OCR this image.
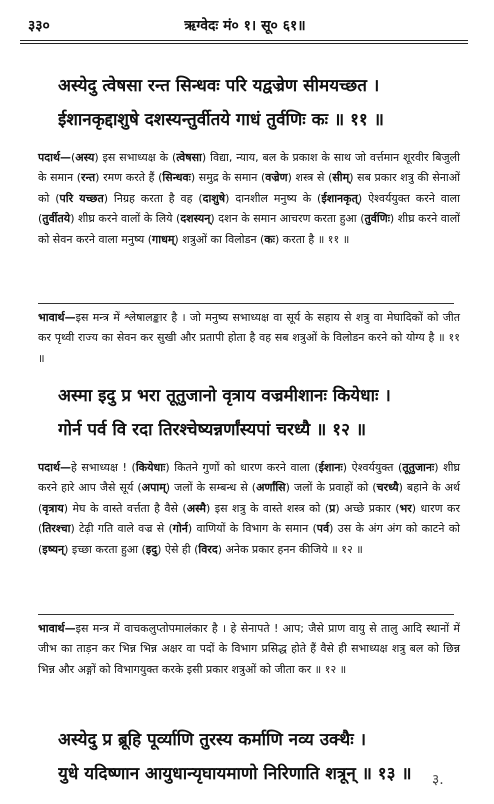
३३०	ऋग्वेदः मं० १। सू० ६१॥
अस्येदु त्वेषसा रन्त सिन्धवः परि यद्वज्रेण सीमयच्छत ।
ईशानकृद्दाशुषे दशस्यन्तुर्वीतये गाधं तुर्वणिः कः ॥ ११ ॥
पदार्थ—(अस्य) इस सभाध्यक्ष के (त्वेषसा) विद्या, न्याय, बल के प्रकाश के साथ जो वर्त्तमान शूरवीर बिजुली के समान (रन्त) रमण करते हैं (सिन्धवः) समुद्र के समान (वज्रेण) शस्त्र से (सीम्) सब प्रकार शत्रु की सेनाओं को (परि यच्छत) निग्रह करता है वह (दाशुषे) दानशील मनुष्य के (ईशानकृत्) ऐश्वर्ययुक्त करने वाला (तुर्वीतये) शीघ्र करने वालों के लिये (दशस्यन्) दशन के समान आचरण करता हुआ (तुर्वणिः) शीघ्र करने वालों को सेवन करने वाला मनुष्य (गाधम्) शत्रुओं का विलोडन (कः) करता है ॥ ११ ॥
भावार्थ—इस मन्त्र में श्लेषालङ्कार है । जो मनुष्य सभाध्यक्ष वा सूर्य के सहाय से शत्रु वा मेघादिकों को जीत कर पृथ्वी राज्य का सेवन कर सुखी और प्रतापी होता है वह सब शत्रुओं के विलोडन करने को योग्य है ॥ ११ ॥
अस्मा इदु प्र भरा तूतुजानो वृत्राय वज्रमीशानः कियेधाः ।
गोर्न पर्व वि रदा तिरश्चेष्यन्नर्णांस्यपां चरध्यै ॥ १२ ॥
पदार्थ—हे सभाध्यक्ष ! (कियेधाः) कितने गुणों को धारण करने वाला (ईशानः) ऐश्वर्ययुक्त (तूतुजानः) शीघ्र करने हारे आप जैसे सूर्य (अपाम्) जलों के सम्बन्ध से (अर्णांसि) जलों के प्रवाहों को (चरध्यै) बहाने के अर्थ (वृत्राय) मेघ के वास्ते वर्त्तता है वैसे (अस्मै) इस शत्रु के वास्ते शस्त्र को (प्र) अच्छे प्रकार (भर) धारण कर (तिरश्चा) टेढ़ी गति वाले वज्र से (गोर्न) वाणियों के विभाग के समान (पर्व) उस के अंग अंग को काटने को (इष्यन्) इच्छा करता हुआ (इदु) ऐसे ही (विरद) अनेक प्रकार हनन कीजिये ॥ १२ ॥
भावार्थ—इस मन्त्र में वाचकलुप्तोपमालंकार है । हे सेनापते ! आप; जैसे प्राण वायु से तालु आदि स्थानों में जीभ का ताड़न कर भिन्न भिन्न अक्षर वा पदों के विभाग प्रसिद्ध होते हैं वैसे ही सभाध्यक्ष शत्रु बल को छिन्न भिन्न और अङ्गों को विभागयुक्त करके इसी प्रकार शत्रुओं को जीता कर ॥ १२ ॥
अस्येदु प्र ब्रूहि पूर्व्याणि तुरस्य कर्माणि नव्य उक्थैः ।
युधे यदिष्णान आयुधान्यृघायमाणो निरिणाति शत्रून् ॥ १३ ॥	३.
